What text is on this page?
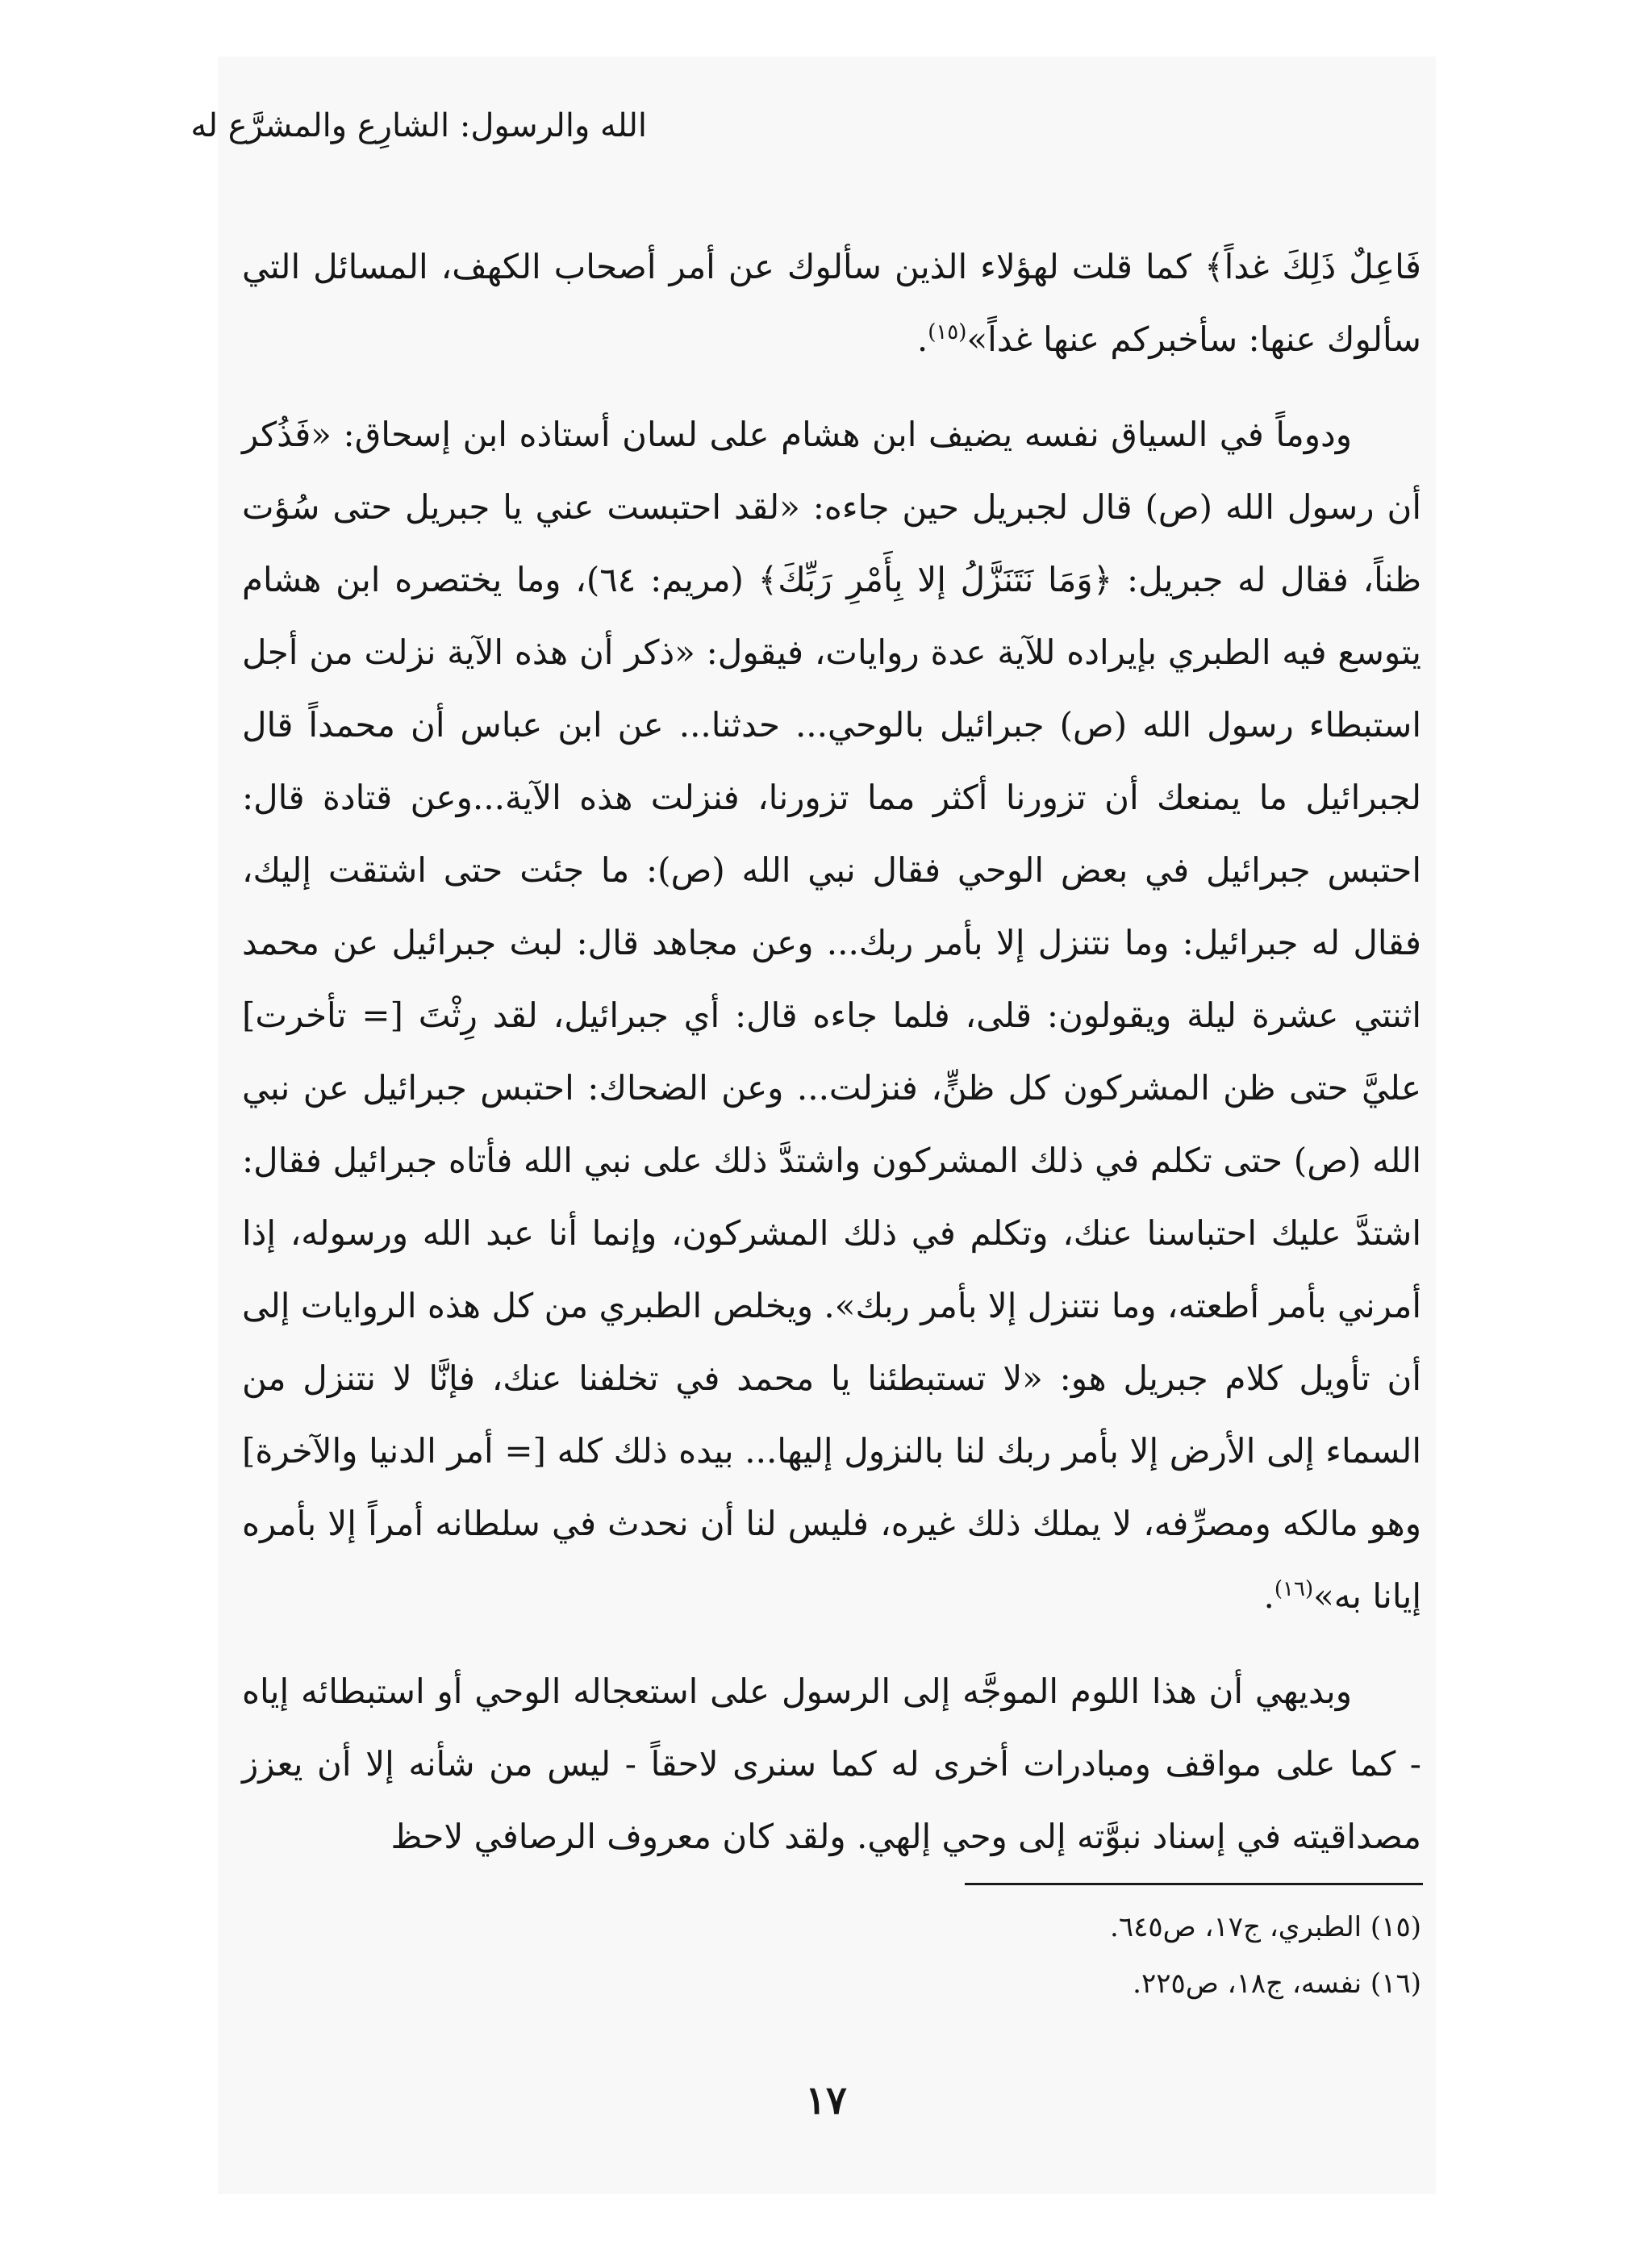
الله والرسول: الشارِع والمشرَّع له

فَاعِلٌ ذَلِكَ غداً﴾ كما قلت لهؤلاء الذين سألوك عن أمر أصحاب الكهف، المسائل التي سألوك عنها: سأخبركم عنها غداً»$^{(١٥)}$.

ودوماً في السياق نفسه يضيف ابن هشام على لسان أستاذه ابن إسحاق: «فَذُكر أن رسول الله (ص) قال لجبريل حين جاءه: «لقد احتبست عني يا جبريل حتى سُؤت ظناً، فقال له جبريل: ﴿وَمَا نَتَنَزَّلُ إلا بِأَمْرِ رَبِّكَ﴾ (مريم: ٦٤)، وما يختصره ابن هشام يتوسع فيه الطبري بإيراده للآية عدة روايات، فيقول: «ذكر أن هذه الآية نزلت من أجل استبطاء رسول الله (ص) جبرائيل بالوحي... حدثنا... عن ابن عباس أن محمداً قال لجبرائيل ما يمنعك أن تزورنا أكثر مما تزورنا، فنزلت هذه الآية...وعن قتادة قال: احتبس جبرائيل في بعض الوحي فقال نبي الله (ص): ما جئت حتى اشتقت إليك، فقال له جبرائيل: وما نتنزل إلا بأمر ربك... وعن مجاهد قال: لبث جبرائيل عن محمد اثنتي عشرة ليلة ويقولون: قلى، فلما جاءه قال: أي جبرائيل، لقد رِثْتَ [= تأخرت] عليَّ حتى ظن المشركون كل ظنٍّ، فنزلت... وعن الضحاك: احتبس جبرائيل عن نبي الله (ص) حتى تكلم في ذلك المشركون واشتدَّ ذلك على نبي الله فأتاه جبرائيل فقال: اشتدَّ عليك احتباسنا عنك، وتكلم في ذلك المشركون، وإنما أنا عبد الله ورسوله، إذا أمرني بأمر أطعته، وما نتنزل إلا بأمر ربك». ويخلص الطبري من كل هذه الروايات إلى أن تأويل كلام جبريل هو: «لا تستبطئنا يا محمد في تخلفنا عنك، فإنَّا لا نتنزل من السماء إلى الأرض إلا بأمر ربك لنا بالنزول إليها... بيده ذلك كله [= أمر الدنيا والآخرة] وهو مالكه ومصرِّفه، لا يملك ذلك غيره، فليس لنا أن نحدث في سلطانه أمراً إلا بأمره إيانا به»$^{(١٦)}$.

وبديهي أن هذا اللوم الموجَّه إلى الرسول على استعجاله الوحي أو استبطائه إياه - كما على مواقف ومبادرات أخرى له كما سنرى لاحقاً - ليس من شأنه إلا أن يعزز مصداقيته في إسناد نبوَّته إلى وحي إلهي. ولقد كان معروف الرصافي لاحظ

(١٥) الطبري، ج١٧، ص٦٤٥.
(١٦) نفسه، ج١٨، ص٢٢٥.
١٧
